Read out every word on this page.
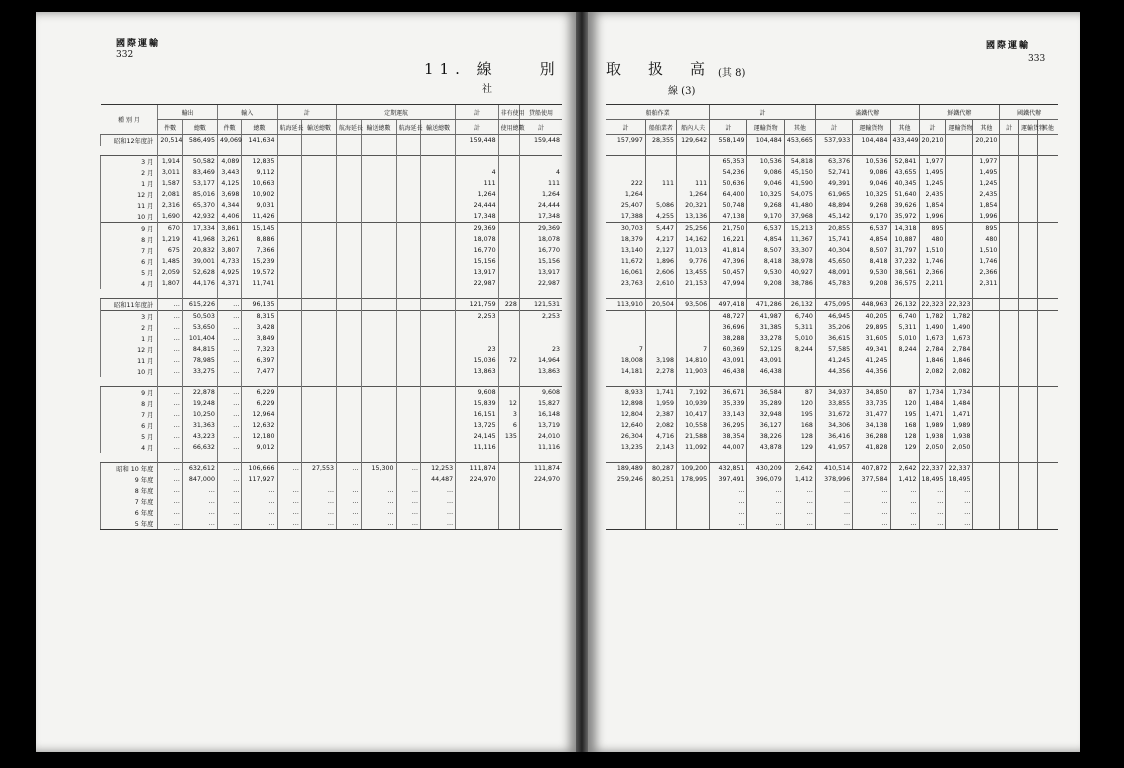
國際運輸
332
11. 線　　別
社
種 別 月	輸出		輸入		計		定期運航				計	非有使用	貸船使用
	件數	總數	件數	總數	航海延長	輸送總數	航海延長	輸送總數	航海延長	輸送總數	計	使用總數	計
昭和12年度計	20,514	586,495	49,069	141,634							159,448		159,448

3 月	1,914	50,582	4,089	12,835									
2 月	3,011	83,469	3,443	9,112							4		4
1 月	1,587	53,177	4,125	10,663							111		111
12 月	2,081	85,016	3,698	10,902							1,264		1,264
11 月	2,316	65,370	4,344	9,031							24,444		24,444
10 月	1,690	42,932	4,406	11,426							17,348		17,348
9 月	670	17,334	3,861	15,145							29,369		29,369
8 月	1,219	41,968	3,261	8,886							18,078		18,078
7 月	675	20,832	3,807	7,366							16,770		16,770
6 月	1,485	39,001	4,733	15,239							15,156		15,156
5 月	2,059	52,628	4,925	19,572							13,917		13,917
4 月	1,807	44,176	4,371	11,741							22,987		22,987

昭和11年度計	…	615,226	…	96,135							121,759	228	121,531
3 月	…	50,503	…	8,315							2,253		2,253
2 月	…	53,650	…	3,428									
1 月	…	101,404	…	3,849									
12 月	…	84,815	…	7,323							23		23
11 月	…	78,985	…	6,397							15,036	72	14,964
10 月	…	33,275	…	7,477							13,863		13,863

9 月	…	22,878	…	6,229							9,608		9,608
8 月	…	19,248	…	6,229							15,839	12	15,827
7 月	…	10,250	…	12,964							16,151	3	16,148
6 月	…	31,363	…	12,632							13,725	6	13,719
5 月	…	43,223	…	12,180							24,145	135	24,010
4 月	…	66,632	…	9,012							11,116		11,116

昭和 10 年度	…	632,612	…	106,666	…	27,553	…	15,300	…	12,253	111,874		111,874
9 年度	…	847,000	…	117,927						44,487	224,970		224,970
8 年度	…	…	…	…	…	…	…	…	…	…			
7 年度	…	…	…	…	…	…	…	…	…	…			
6 年度	…	…	…	…	…	…	…	…	…	…			
5 年度	…	…	…	…	…	…	…	…	…	…			
取　扱　高 (其 8)
線 (3)
國際運輸
333
船舶作業			計			滿鐵代辦			鮮鐵代辦			國鐵代辦		
計	船舶業者	船內人夫	計	運輸貨物	其他	計	運輸貨物	其他	計	運輸貨物	其他	計	運輸貨物	其他
157,997	28,355	129,642	558,149	104,484	453,665	537,933	104,484	433,449	20,210		20,210			

			65,353	10,536	54,818	63,376	10,536	52,841	1,977		1,977			
			54,236	9,086	45,150	52,741	9,086	43,655	1,495		1,495			
222	111	111	50,636	9,046	41,590	49,391	9,046	40,345	1,245		1,245			
1,264		1,264	64,400	10,325	54,075	61,965	10,325	51,640	2,435		2,435			
25,407	5,086	20,321	50,748	9,268	41,480	48,894	9,268	39,626	1,854		1,854			
17,388	4,255	13,136	47,138	9,170	37,968	45,142	9,170	35,972	1,996		1,996			
30,703	5,447	25,256	21,750	6,537	15,213	20,855	6,537	14,318	895		895			
18,379	4,217	14,162	16,221	4,854	11,367	15,741	4,854	10,887	480		480			
13,140	2,127	11,013	41,814	8,507	33,307	40,304	8,507	31,797	1,510		1,510			
11,672	1,896	9,776	47,396	8,418	38,978	45,650	8,418	37,232	1,746		1,746			
16,061	2,606	13,455	50,457	9,530	40,927	48,091	9,530	38,561	2,366		2,366			
23,763	2,610	21,153	47,994	9,208	38,786	45,783	9,208	36,575	2,211		2,311			

113,910	20,504	93,506	497,418	471,286	26,132	475,095	448,963	26,132	22,323	22,323				
			48,727	41,987	6,740	46,945	40,205	6,740	1,782	1,782				
			36,696	31,385	5,311	35,206	29,895	5,311	1,490	1,490				
			38,288	33,278	5,010	36,615	31,605	5,010	1,673	1,673				
7		7	60,369	52,125	8,244	57,585	49,341	8,244	2,784	2,784				
18,008	3,198	14,810	43,091	43,091		41,245	41,245		1,846	1,846				
14,181	2,278	11,903	46,438	46,438		44,356	44,356		2,082	2,082				

8,933	1,741	7,192	36,671	36,584	87	34,937	34,850	87	1,734	1,734				
12,898	1,959	10,939	35,339	35,289	120	33,855	33,735	120	1,484	1,484				
12,804	2,387	10,417	33,143	32,948	195	31,672	31,477	195	1,471	1,471				
12,640	2,082	10,558	36,295	36,127	168	34,306	34,138	168	1,989	1,989				
26,304	4,716	21,588	38,354	38,226	128	36,416	36,288	128	1,938	1,938				
13,235	2,143	11,092	44,007	43,878	129	41,957	41,828	129	2,050	2,050				

189,489	80,287	109,200	432,851	430,209	2,642	410,514	407,872	2,642	22,337	22,337				
259,246	80,251	178,995	397,491	396,079	1,412	378,996	377,584	1,412	18,495	18,495				
			…	…	…	…	…	…	…	…				
			…	…	…	…	…	…	…	…				
			…	…	…	…	…	…	…	…				
			…	…	…	…	…	…	…	…				
